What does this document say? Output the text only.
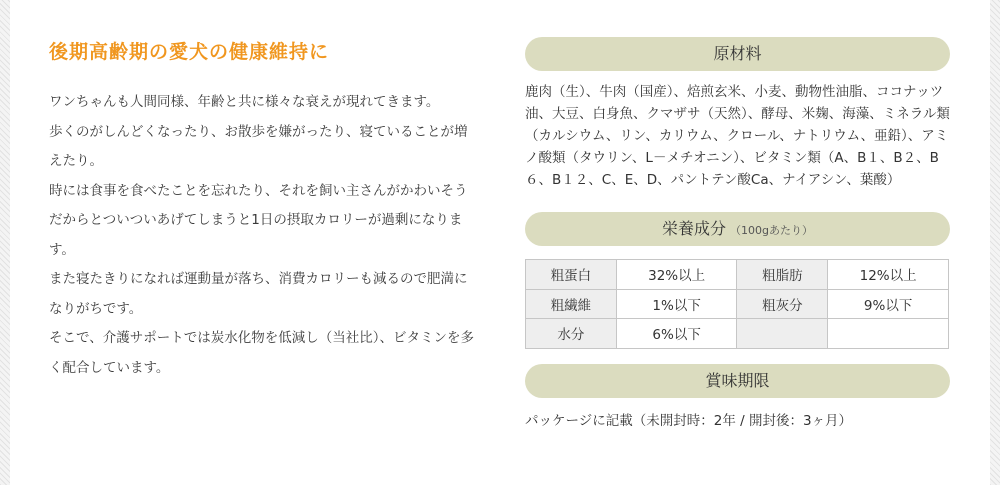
後期高齢期の愛犬の健康維持に

ワンちゃんも人間同様、年齢と共に様々な衰えが現れてきます。

歩くのがしんどくなったり、お散歩を嫌がったり、寝ていることが増えたり。

時には食事を食べたことを忘れたり、それを飼い主さんがかわいそうだからとついついあげてしまうと1日の摂取カロリーが過剰になります。

また寝たきりになれば運動量が落ち、消費カロリーも減るので肥満になりがちです。

そこで、介護サポートでは炭水化物を低減し（当社比）、ビタミンを多く配合しています。

原材料

鹿肉（生）、牛肉（国産）、焙煎玄米、小麦、動物性油脂、ココナッツ油、大豆、白身魚、クマザサ（天然）、酵母、米麹、海藻、ミネラル類（カルシウム、リン、カリウム、クロール、ナトリウム、亜鉛）、アミノ酸類（タウリン、L－メチオニン）、ビタミン類（A、B１、B２、B６、B１２、C、E、D、パントテン酸Ca、ナイアシン、葉酸）

栄養成分 （100gあたり）
粗蛋白	32%以上	粗脂肪	12%以上
粗繊維	1%以下	粗灰分	9%以下
水分	6%以下		
賞味期限

パッケージに記載（未開封時：2年 / 開封後：3ヶ月）
